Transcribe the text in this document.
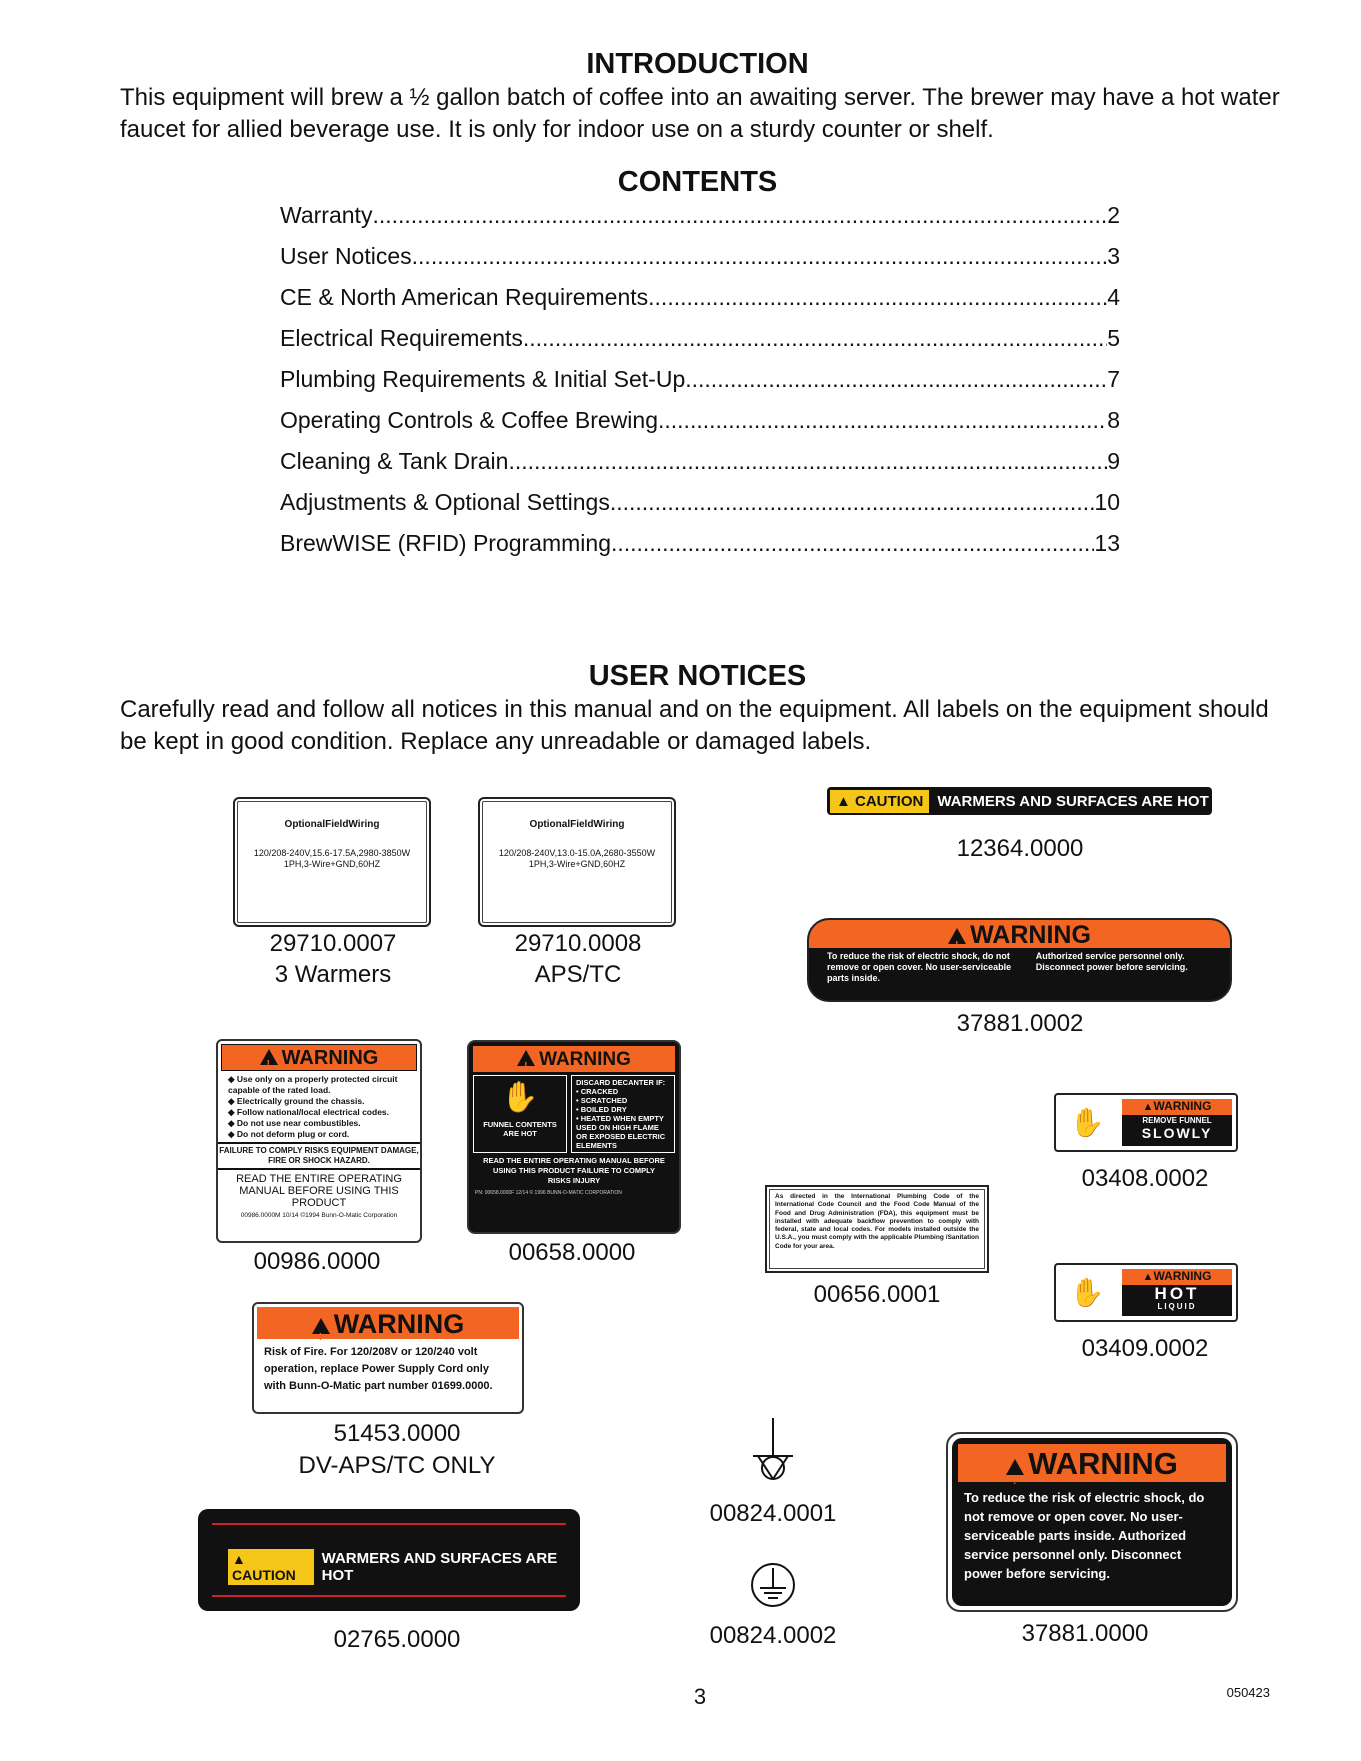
INTRODUCTION
This equipment will brew a ½ gallon batch of coffee into an awaiting server. The brewer may have a hot water faucet for allied beverage use. It is only for indoor use on a sturdy counter or shelf.
CONTENTS
Warranty .....	2
User Notices .....	3
CE & North American Requirements .....	4
Electrical Requirements .....	5
Plumbing Requirements & Initial Set-Up .....	7
Operating Controls & Coffee Brewing .....	8
Cleaning & Tank Drain .....	9
Adjustments & Optional Settings .....	10
BrewWISE (RFID) Programming .....	13
USER NOTICES
Carefully read and follow all notices in this manual and on the equipment. All labels on the equipment should be kept in good condition. Replace any unreadable or damaged labels.
OptionalFieldWiring
120/208-240V,15.6-17.5A,2980-3850W
1PH,3-Wire+GND,60HZ
29710.0007
3 Warmers
OptionalFieldWiring
120/208-240V,13.0-15.0A,2680-3550W
1PH,3-Wire+GND,60HZ
29710.0008
APS/TC
▲ CAUTION WARMERS AND SURFACES ARE HOT
12364.0000
!WARNING
To reduce the risk of electric shock, do not remove or open cover. No user-serviceable parts inside.
Authorized service personnel only. Disconnect power before servicing.
37881.0002
!WARNING
◆ Use only on a properly protected circuit capable of the rated load.
◆ Electrically ground the chassis.
◆ Follow national/local electrical codes.
◆ Do not use near combustibles.
◆ Do not deform plug or cord.
FAILURE TO COMPLY RISKS EQUIPMENT DAMAGE, FIRE OR SHOCK HAZARD.
READ THE ENTIRE OPERATING MANUAL BEFORE USING THIS PRODUCT
00986.0000M 10/14 ©1994 Bunn-O-Matic Corporation
00986.0000
!WARNING
✋
FUNNEL CONTENTS ARE HOT
DISCARD DECANTER IF:
• CRACKED
• SCRATCHED
• BOILED DRY
• HEATED WHEN EMPTY USED ON HIGH FLAME OR EXPOSED ELECTRIC ELEMENTS
READ THE ENTIRE OPERATING MANUAL BEFORE USING THIS PRODUCT FAILURE TO COMPLY RISKS INJURY
PN: 00658.0000F 12/14 © 1996 BUNN-O-MATIC CORPORATION
00658.0000
✋	▲WARNING
REMOVE FUNNEL
SLOWLY
03408.0002
As directed in the International Plumbing Code of the International Code Council and the Food Code Manual of the Food and Drug Administration (FDA), this equipment must be installed with adequate backflow prevention to comply with federal, state and local codes. For models installed outside the U.S.A., you must comply with the applicable Plumbing /Sanitation Code for your area.
00656.0001	✋	▲WARNING
HOT
LIQUID
03409.0002
!WARNING
Risk of Fire. For 120/208V or 120/240 volt operation, replace Power Supply Cord only with Bunn-O-Matic part number 01699.0000.
51453.0000
DV-APS/TC ONLY
00824.0001
00824.0002
!WARNING
To reduce the risk of electric shock, do not remove or open cover. No user-serviceable parts inside. Authorized service personnel only. Disconnect power before servicing.
37881.0000
▲ CAUTION
WARMERS AND SURFACES ARE HOT
02765.0000
3	050423
